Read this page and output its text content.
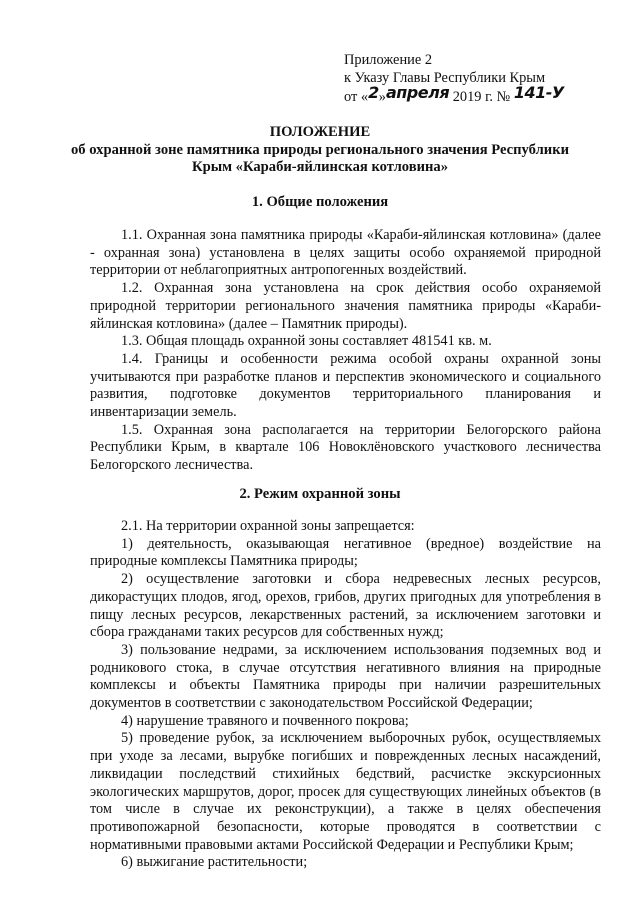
Приложение 2
к Указу Главы Республики Крым
от «2»апреля 2019 г. № 141-У
ПОЛОЖЕНИЕ
об охранной зоне памятника природы регионального значения Республики
Крым «Караби-яйлинская котловина»
1. Общие положения

1.1. Охранная зона памятника природы «Караби-яйлинская котловина» (далее - охранная зона) установлена в целях защиты особо охраняемой природной территории от неблагоприятных антропогенных воздействий.

1.2. Охранная зона установлена на срок действия особо охраняемой природной территории регионального значения памятника природы «Караби-яйлинская котловина» (далее – Памятник природы).

1.3. Общая площадь охранной зоны составляет 481541 кв. м.

1.4. Границы и особенности режима особой охраны охранной зоны учитываются при разработке планов и перспектив экономического и социального развития, подготовке документов территориального планирования и инвентаризации земель.

1.5. Охранная зона располагается на территории Белогорского района Республики Крым, в квартале 106 Новоклёновского участкового лесничества Белогорского лесничества.

2. Режим охранной зоны

2.1. На территории охранной зоны запрещается:

1) деятельность, оказывающая негативное (вредное) воздействие на природные комплексы Памятника природы;

2) осуществление заготовки и сбора недревесных лесных ресурсов, дикорастущих плодов, ягод, орехов, грибов, других пригодных для употребления в пищу лесных ресурсов, лекарственных растений, за исключением заготовки и сбора гражданами таких ресурсов для собственных нужд;

3) пользование недрами, за исключением использования подземных вод и родникового стока, в случае отсутствия негативного влияния на природные комплексы и объекты Памятника природы при наличии разрешительных документов в соответствии с законодательством Российской Федерации;

4) нарушение травяного и почвенного покрова;

5) проведение рубок, за исключением выборочных рубок, осуществляемых при уходе за лесами, вырубке погибших и поврежденных лесных насаждений, ликвидации последствий стихийных бедствий, расчистке экскурсионных экологических маршрутов, дорог, просек для существующих линейных объектов (в том числе в случае их реконструкции), а также в целях обеспечения противопожарной безопасности, которые проводятся в соответствии с нормативными правовыми актами Российской Федерации и Республики Крым;

6) выжигание растительности;
